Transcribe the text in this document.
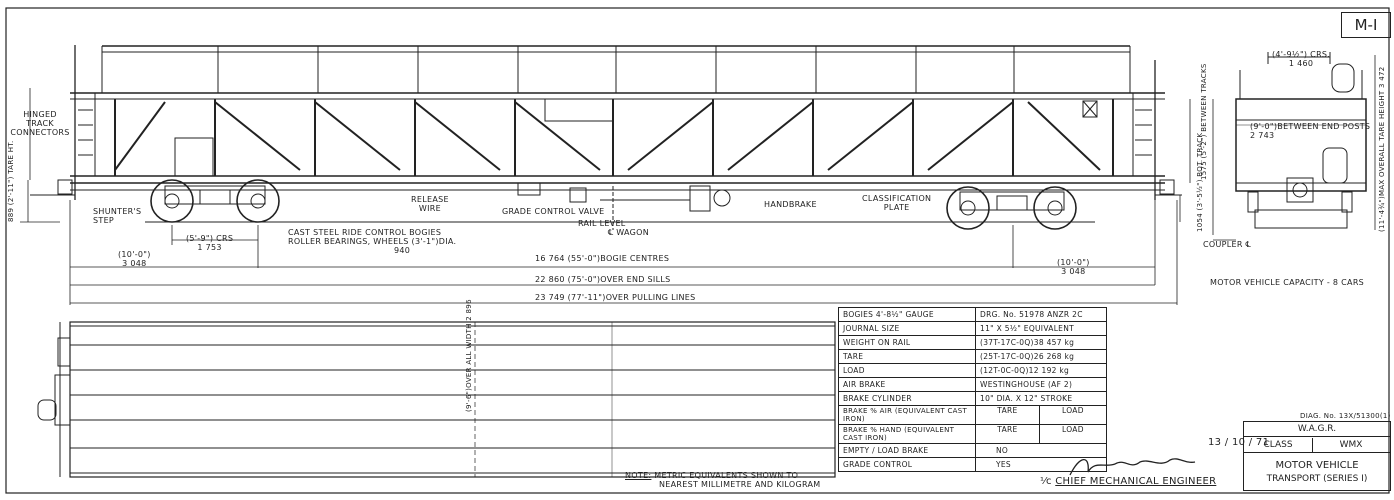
M-I
HINGED
TRACK
CONNECTORS
SHUNTER'S
STEP
889 (2'-11") TARE HT.	RELEASE
WIRE	GRADE CONTROL VALVE
RAIL LEVEL
℄ WAGON
HANDBRAKE
CLASSIFICATION
PLATE
(5'-9") CRS
1 753
CAST STEEL RIDE CONTROL BOGIES
ROLLER BEARINGS, WHEELS (3'-1")DIA.
940
(10'-0")
3 048	(10'-0")
3 048
16 764 (55'-0")BOGIE CENTRES
22 860 (75'-0")OVER END SILLS
23 749 (77'-11")OVER PULLING LINES
1054 (3'-5½") BOT. TRACK
1575 (5'-2") BETWEEN TRACKS
(4'-9½") CRS.
1 460
(9'-0")BETWEEN END POSTS
2 743	(11'-4¾")MAX OVERALL TARE HEIGHT 3 472
COUPLER ℄
MOTOR VEHICLE CAPACITY - 8 CARS
(9'-6")OVER ALL WIDTH 2 896	BOGIES 4'-8½" GAUGE	DRG. No. 51978 ANZR 2C	
JOURNAL SIZE	11" X 5½" EQUIVALENT	
WEIGHT ON RAIL	(37T-17C-0Q)38 457 kg	
TARE	(25T-17C-0Q)26 268 kg	
LOAD	(12T-0C-0Q)12 192 kg	
AIR BRAKE	WESTINGHOUSE (AF 2)	
BRAKE CYLINDER	10" DIA. X 12" STROKE	
BRAKE % AIR (EQUIVALENT CAST IRON)	TARE	LOAD
BRAKE % HAND (EQUIVALENT CAST IRON)	TARE	LOAD
EMPTY / LOAD BRAKE	NO	
GRADE CONTROL	YES	
NOTE: METRIC EQUIVALENTS SHOWN TO
NEAREST MILLIMETRE AND KILOGRAM	⅟c CHIEF MECHANICAL ENGINEER
13 / 10 / 71
DIAG. No. 13X/51300(1)
W.A.G.R.
CLASS	WMX
MOTOR VEHICLE
TRANSPORT (SERIES I)
